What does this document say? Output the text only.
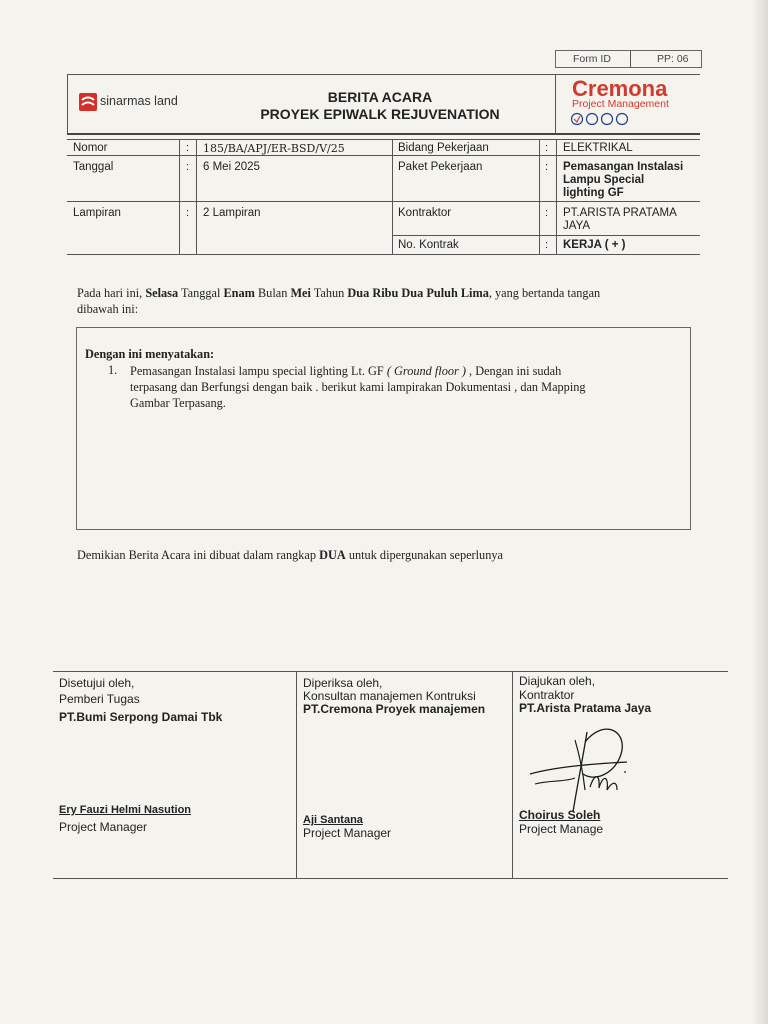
Form ID	PP: 06
sinarmas land	BERITA ACARA
PROYEK EPIWALK REJUVENATION
Cremona
Project Management
Nomor	: 185/BA/APJ/ER-BSD/V/25	Bidang Pekerjaan	: ELEKTRIKAL
Tanggal	: 6 Mei 2025	Paket Pekerjaan	: Pemasangan Instalasi
Lampu Special
lighting GF
Lampiran	: 2 Lampiran	Kontraktor	: PT.ARISTA PRATAMA
JAYA
No. Kontrak	: KERJA ( + )
Pada hari ini, Selasa Tanggal Enam Bulan Mei Tahun Dua Ribu Dua Puluh Lima, yang bertanda tangan
dibawah ini:
Dengan ini menyatakan:
1. Pemasangan Instalasi lampu special lighting Lt. GF ( Ground floor ) , Dengan ini sudah
terpasang dan Berfungsi dengan baik . berikut kami lampirakan Dokumentasi , dan Mapping
Gambar Terpasang.
Demikian Berita Acara ini dibuat dalam rangkap DUA untuk dipergunakan seperlunya
Disetujui oleh,
Pemberi Tugas
PT.Bumi Serpong Damai Tbk
Ery Fauzi Helmi Nasution
Project Manager
Diperiksa oleh,
Konsultan manajemen Kontruksi
PT.Cremona Proyek manajemen
Aji Santana
Project Manager
Diajukan oleh,
Kontraktor
PT.Arista Pratama Jaya
Choirus Soleh
Project Manage
